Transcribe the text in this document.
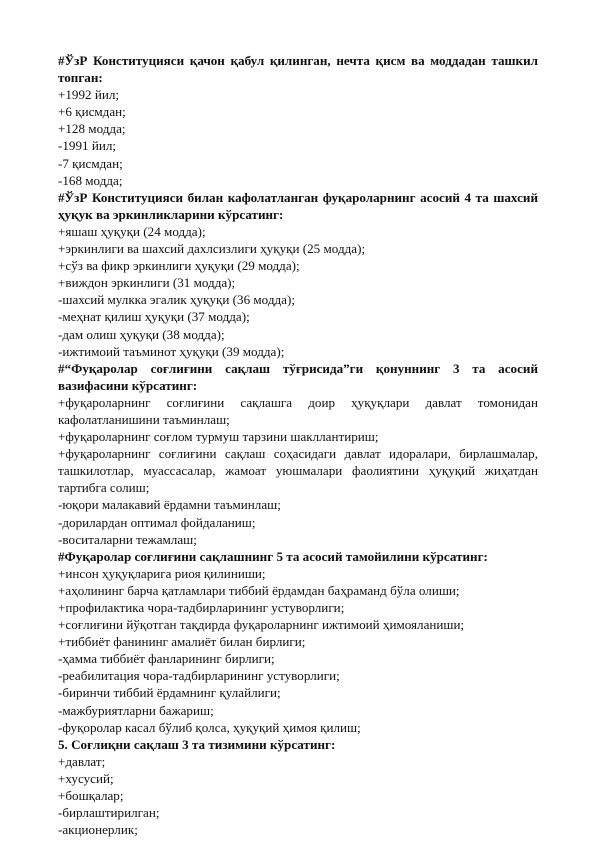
#ЎзР Конституцияси қачон қабул қилинган, нечта қисм ва моддадан ташкил топган:

+1992 йил;

+6 қисмдан;

+128 модда;

-1991 йил;

-7 қисмдан;

-168 модда;

#ЎзР Конституцияси билан кафолатланган фуқароларнинг асосий 4 та шахсий ҳуқук ва эркинликларини кўрсатинг:

+яшаш ҳуқуқи (24 модда);

+эркинлиги ва шахсий дахлсизлиги ҳуқуқи (25 модда);

+сўз ва фикр эркинлиги ҳуқуқи (29 модда);

+виждон эркинлиги (31 модда);

-шахсий мулкка эгалик ҳуқуқи (36 модда);

-меҳнат қилиш ҳуқуқи (37 модда);

-дам олиш ҳуқуқи (38 модда);

-ижтимоий таъминот ҳуқуқи (39 модда);

#“Фуқаролар соғлиғини сақлаш тўғрисида”ги қонуннинг 3 та асосий вазифасини кўрсатинг:

+фуқароларнинг соғлиғини сақлашга доир ҳуқуқлари давлат томонидан кафолатланишини таъминлаш;

+фуқароларнинг соғлом турмуш тарзини шакллантириш;

+фуқароларнинг соғлиғини сақлаш соҳасидаги давлат идоралари, бирлашмалар, ташкилотлар, муассасалар, жамоат уюшмалари фаолиятини ҳуқуқий жиҳатдан тартибга солиш;

-юқори малакавий ёрдамни таъминлаш;

-дорилардан оптимал фойдаланиш;

-воситаларни тежамлаш;

#Фуқаролар соғлиғини сақлашнинг 5 та асосий тамойилини кўрсатинг:

+инсон ҳуқуқларига риоя қилиниши;

+аҳолининг барча қатламлари тиббий ёрдамдан баҳраманд бўла олиши;

+профилактика чора-тадбирларининг устуворлиги;

+соғлиғини йўқотган тақдирда фуқароларнинг ижтимоий ҳимояланиши;

+тиббиёт фанининг амалиёт билан бирлиги;

-ҳамма тиббиёт фанларининг бирлиги;

-реабилитация чора-тадбирларининг устуворлиги;

-биринчи тиббий ёрдамнинг қулайлиги;

-мажбуриятларни бажариш;

-фуқоролар касал бўлиб қолса, ҳуқуқий ҳимоя қилиш;

5. Соғлиқни сақлаш 3 та тизимини кўрсатинг:

+давлат;

+хусусий;

+бошқалар;

-бирлаштирилган;

-акционерлик;
